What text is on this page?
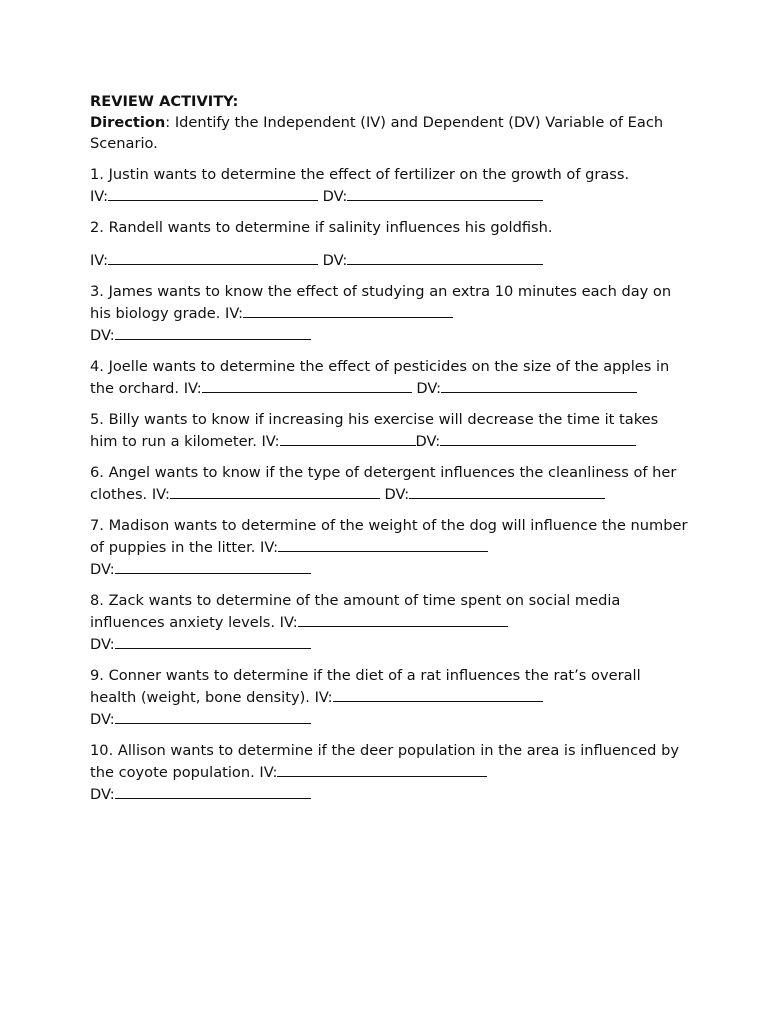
REVIEW ACTIVITY:

Direction: Identify the Independent (IV) and Dependent (DV) Variable of Each Scenario.

1. Justin wants to determine the effect of fertilizer on the growth of grass.
IV:	DV:
2. Randell wants to determine if salinity influences his goldfish.
IV:	DV:
3. James wants to know the effect of studying an extra 10 minutes each day on his biology grade. IV:
DV:
4. Joelle wants to determine the effect of pesticides on the size of the apples in the orchard. IV:	DV:
5. Billy wants to know if increasing his exercise will decrease the time it takes him to run a kilometer. IV:	DV:
6. Angel wants to know if the type of detergent influences the cleanliness of her clothes. IV:	DV:
7. Madison wants to determine of the weight of the dog will influence the number of puppies in the litter. IV:
DV:
8. Zack wants to determine of the amount of time spent on social media influences anxiety levels. IV:
DV:
9. Conner wants to determine if the diet of a rat influences the rat’s overall health (weight, bone density). IV:
DV:
10. Allison wants to determine if the deer population in the area is influenced by the coyote population. IV:
DV:
